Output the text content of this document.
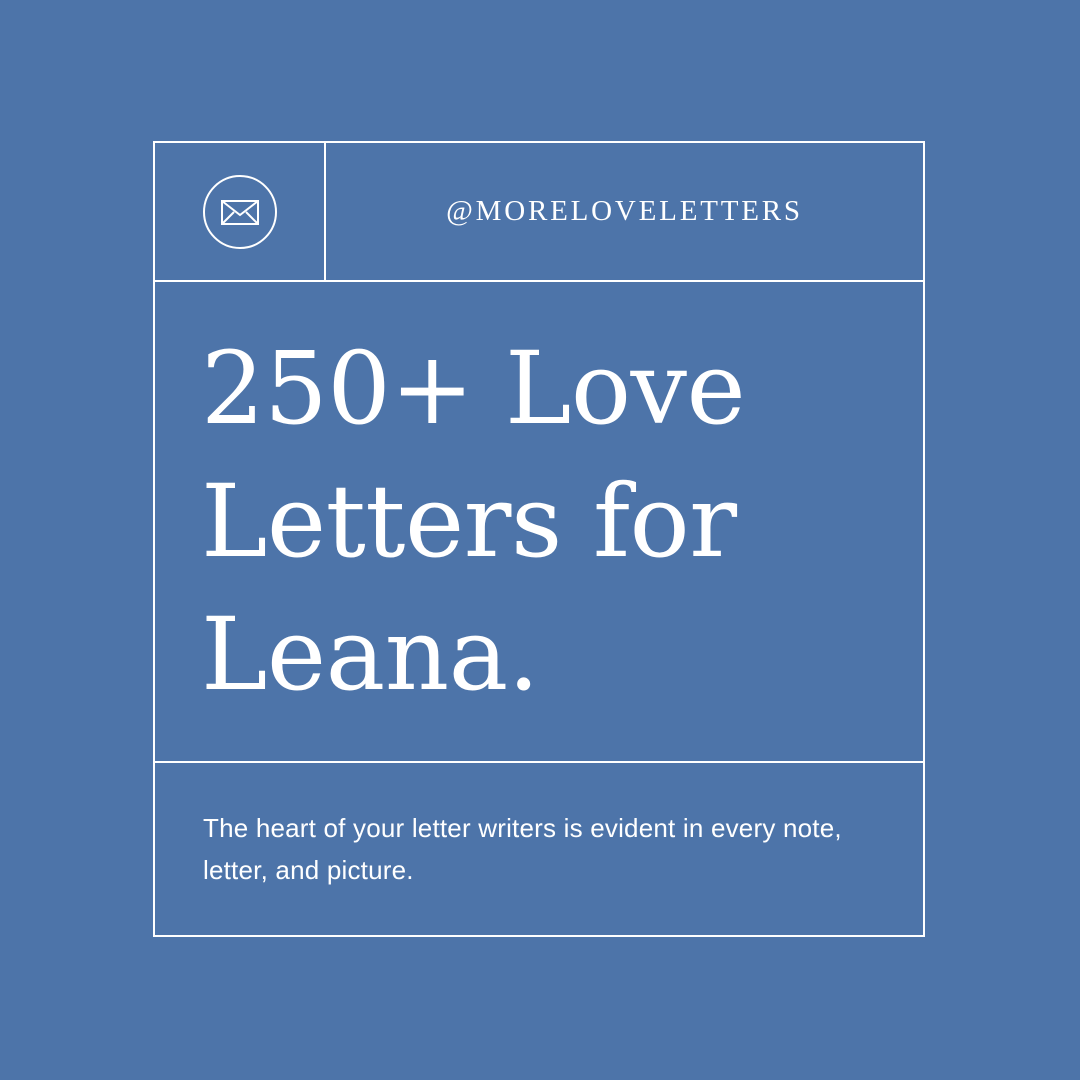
@MORELOVELETTERS
250+ Love Letters for Leana.

The heart of your letter writers is evident in every note, letter, and picture.
